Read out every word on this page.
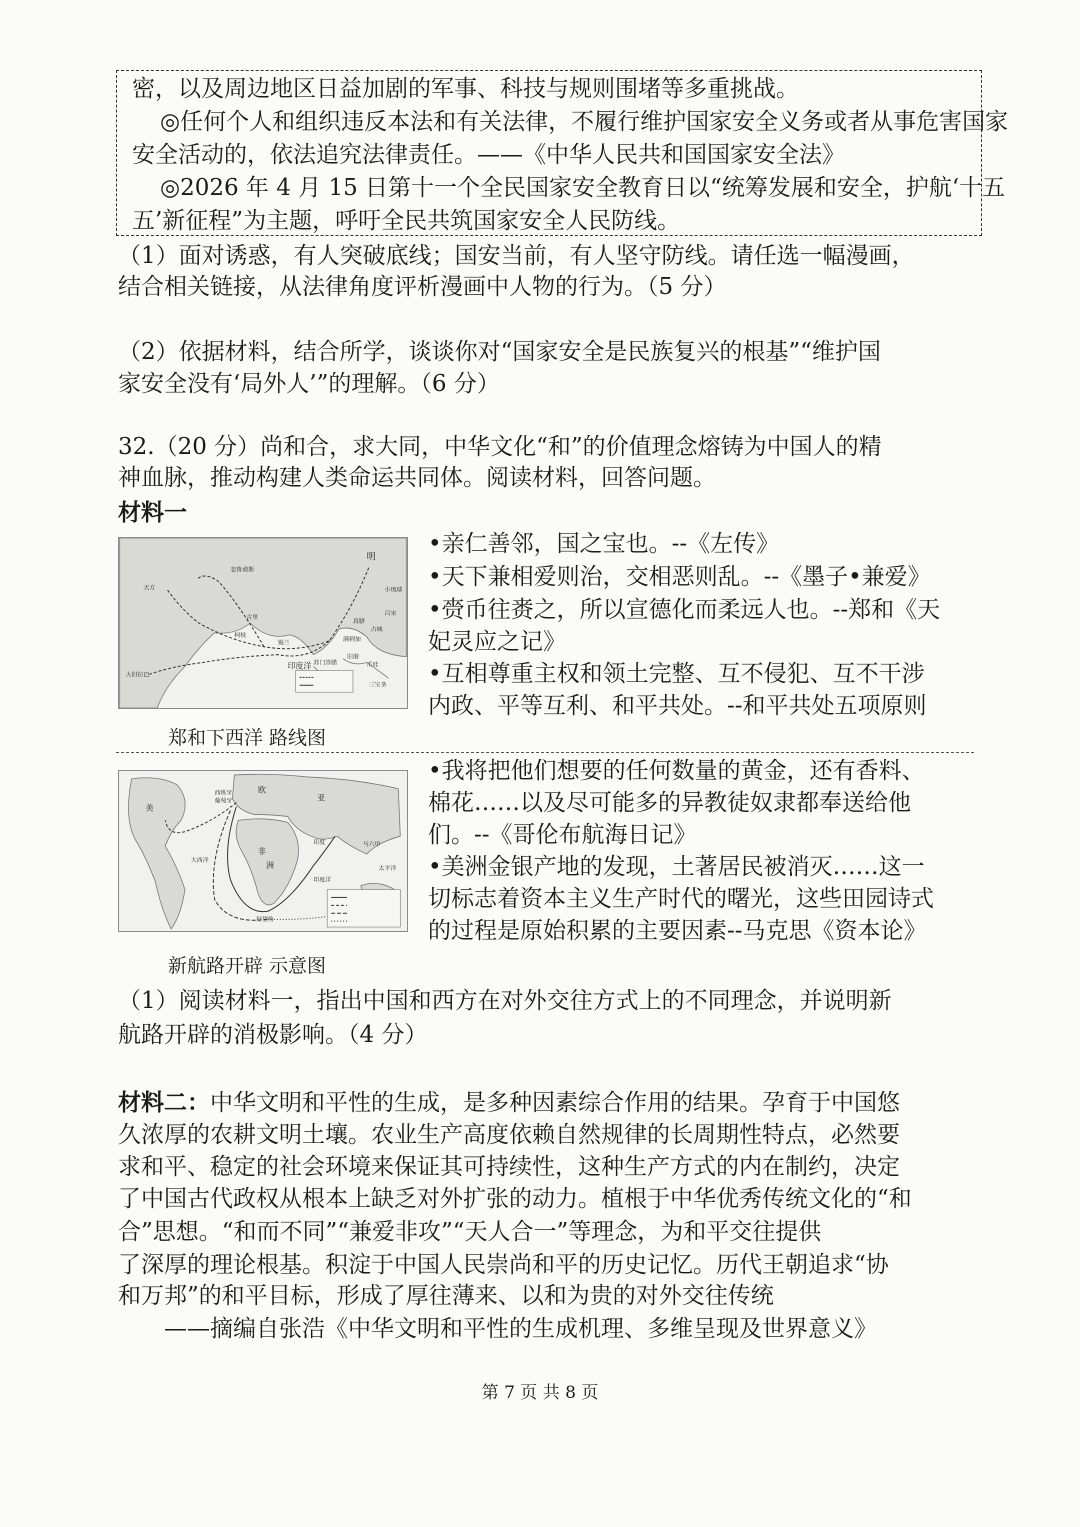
密，以及周边地区日益加剧的军事、科技与规则围堵等多重挑战。
◎任何个人和组织违反本法和有关法律，不履行维护国家安全义务或者从事危害国家
安全活动的，依法追究法律责任。——《中华人民共和国国家安全法》
◎2026 年 4 月 15 日第十一个全民国家安全教育日以“统筹发展和安全，护航‘十五
五’新征程”为主题，呼吁全民共筑国家安全人民防线。
（1）面对诱惑，有人突破底线；国安当前，有人坚守防线。请任选一幅漫画，
结合相关链接，从法律角度评析漫画中人物的行为。（5 分）
（2）依据材料，结合所学，谈谈你对“国家安全是民族复兴的根基”“维护国
家安全没有‘局外人’”的理解。（6 分）
32.（20 分）尚和合，求大同，中华文化“和”的价值理念熔铸为中国人的精
神血脉，推动构建人类命运共同体。阅读材料，回答问题。
材料一
明
天方
忽鲁谟斯
古里
满剌加
爪哇
大旧拉巴
柯枝
锡兰
旧港
印度洋
小琉球
吕宋
苏门答腊
三宝垄
真腊
占城
郑和下西洋 路线图
•亲仁善邻，国之宝也。--《左传》
•天下兼相爱则治，交相恶则乱。--《墨子•兼爱》
•赍币往赉之，所以宣德化而柔远人也。--郑和《天
妃灵应之记》
•互相尊重主权和领土完整、互不侵犯、互不干涉
内政、平等互利、和平共处。--和平共处五项原则
西班牙
葡萄牙	亚
欧
美
非
洲
印度
好望角
马六甲
太平洋
大西洋
印度洋
新航路开辟 示意图
•我将把他们想要的任何数量的黄金，还有香料、
棉花……以及尽可能多的异教徒奴隶都奉送给他
们。--《哥伦布航海日记》
•美洲金银产地的发现，土著居民被消灭……这一
切标志着资本主义生产时代的曙光，这些田园诗式
的过程是原始积累的主要因素--马克思《资本论》
（1）阅读材料一，指出中国和西方在对外交往方式上的不同理念，并说明新
航路开辟的消极影响。（4 分）
材料二：中华文明和平性的生成，是多种因素综合作用的结果。孕育于中国悠
久浓厚的农耕文明土壤。农业生产高度依赖自然规律的长周期性特点，必然要
求和平、稳定的社会环境来保证其可持续性，这种生产方式的内在制约，决定
了中国古代政权从根本上缺乏对外扩张的动力。植根于中华优秀传统文化的“和
合”思想。“和而不同”“兼爱非攻”“天人合一”等理念，为和平交往提供
了深厚的理论根基。积淀于中国人民崇尚和平的历史记忆。历代王朝追求“协
和万邦”的和平目标，形成了厚往薄来、以和为贵的对外交往传统
——摘编自张浩《中华文明和平性的生成机理、多维呈现及世界意义》
第 7 页 共 8 页
